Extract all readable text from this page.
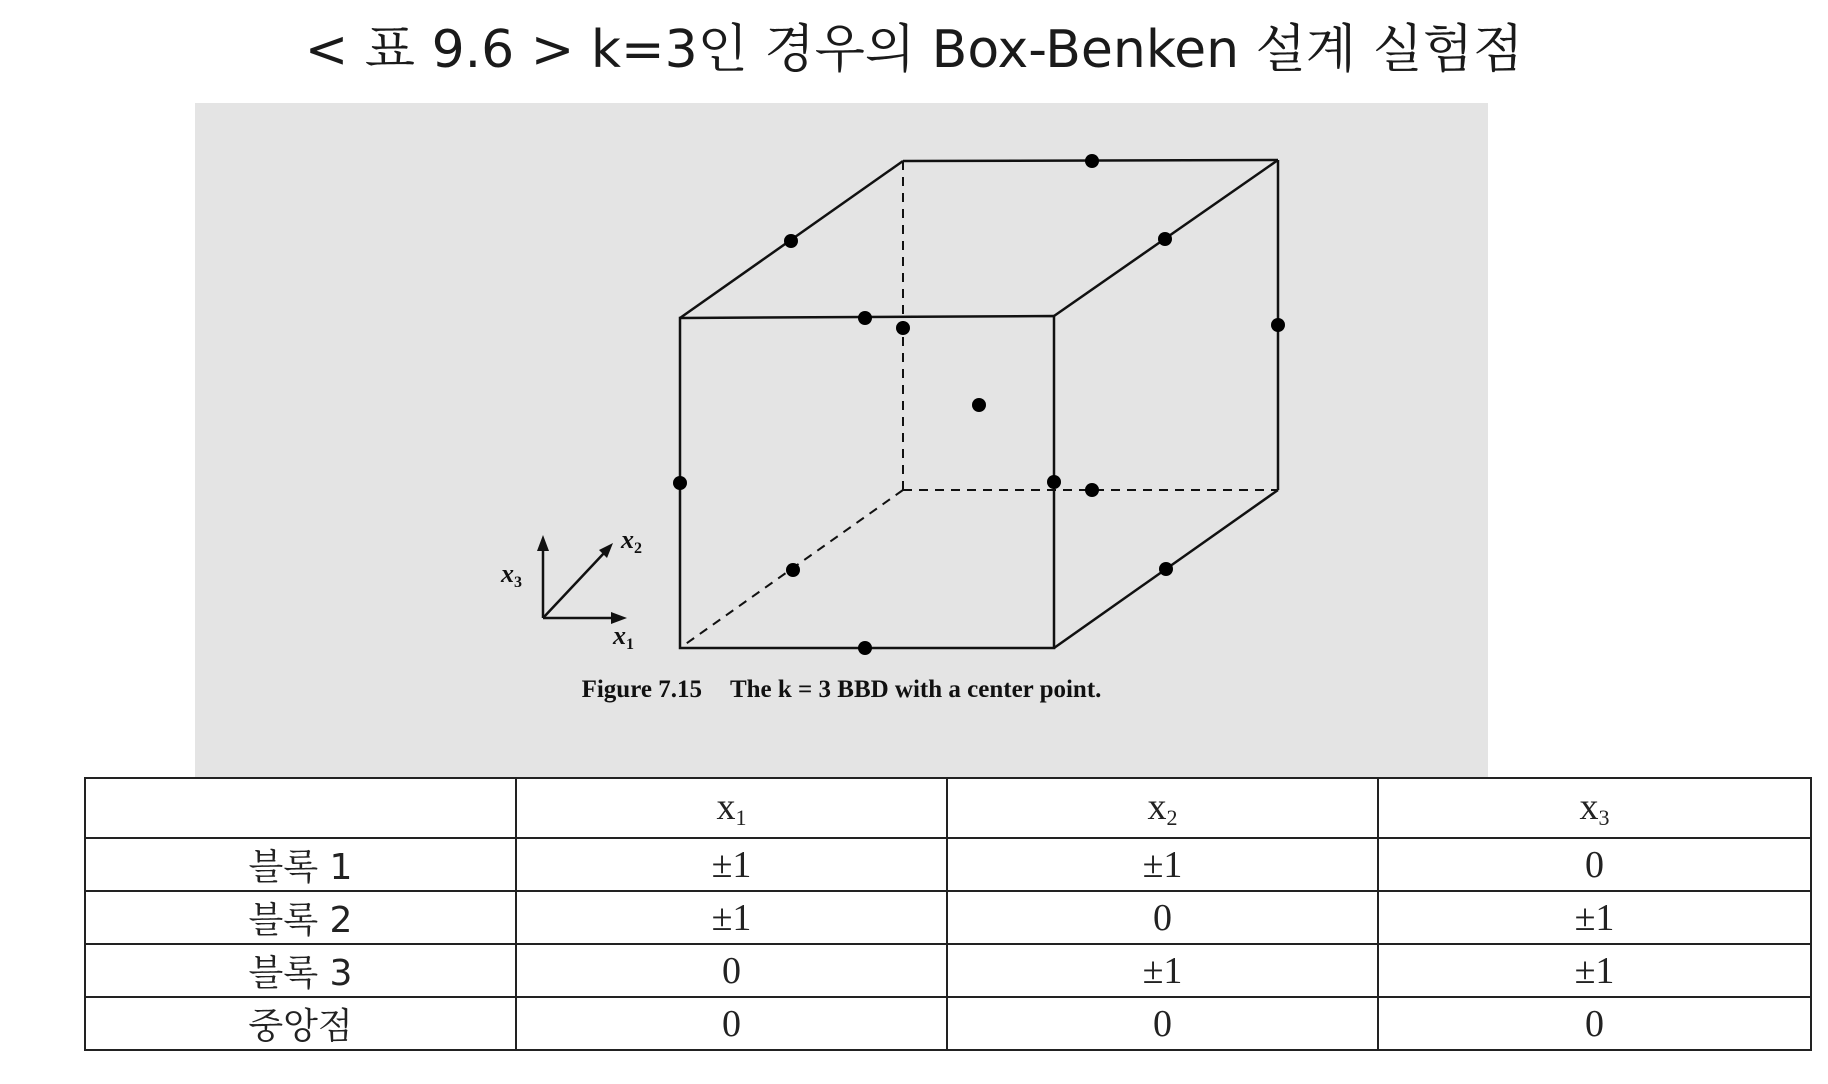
< 표 9.6 > k=3인 경우의 Box-Benken 설계 실험점
$x_2$
$x_3$
$x_1$
Figure 7.15 The k = 3 BBD with a center point.
	$x_1$	$x_2$	$x_3$
블록 1	±1	±1	0
블록 2	±1	0	±1
블록 3	0	±1	±1
중앙점	0	0	0
